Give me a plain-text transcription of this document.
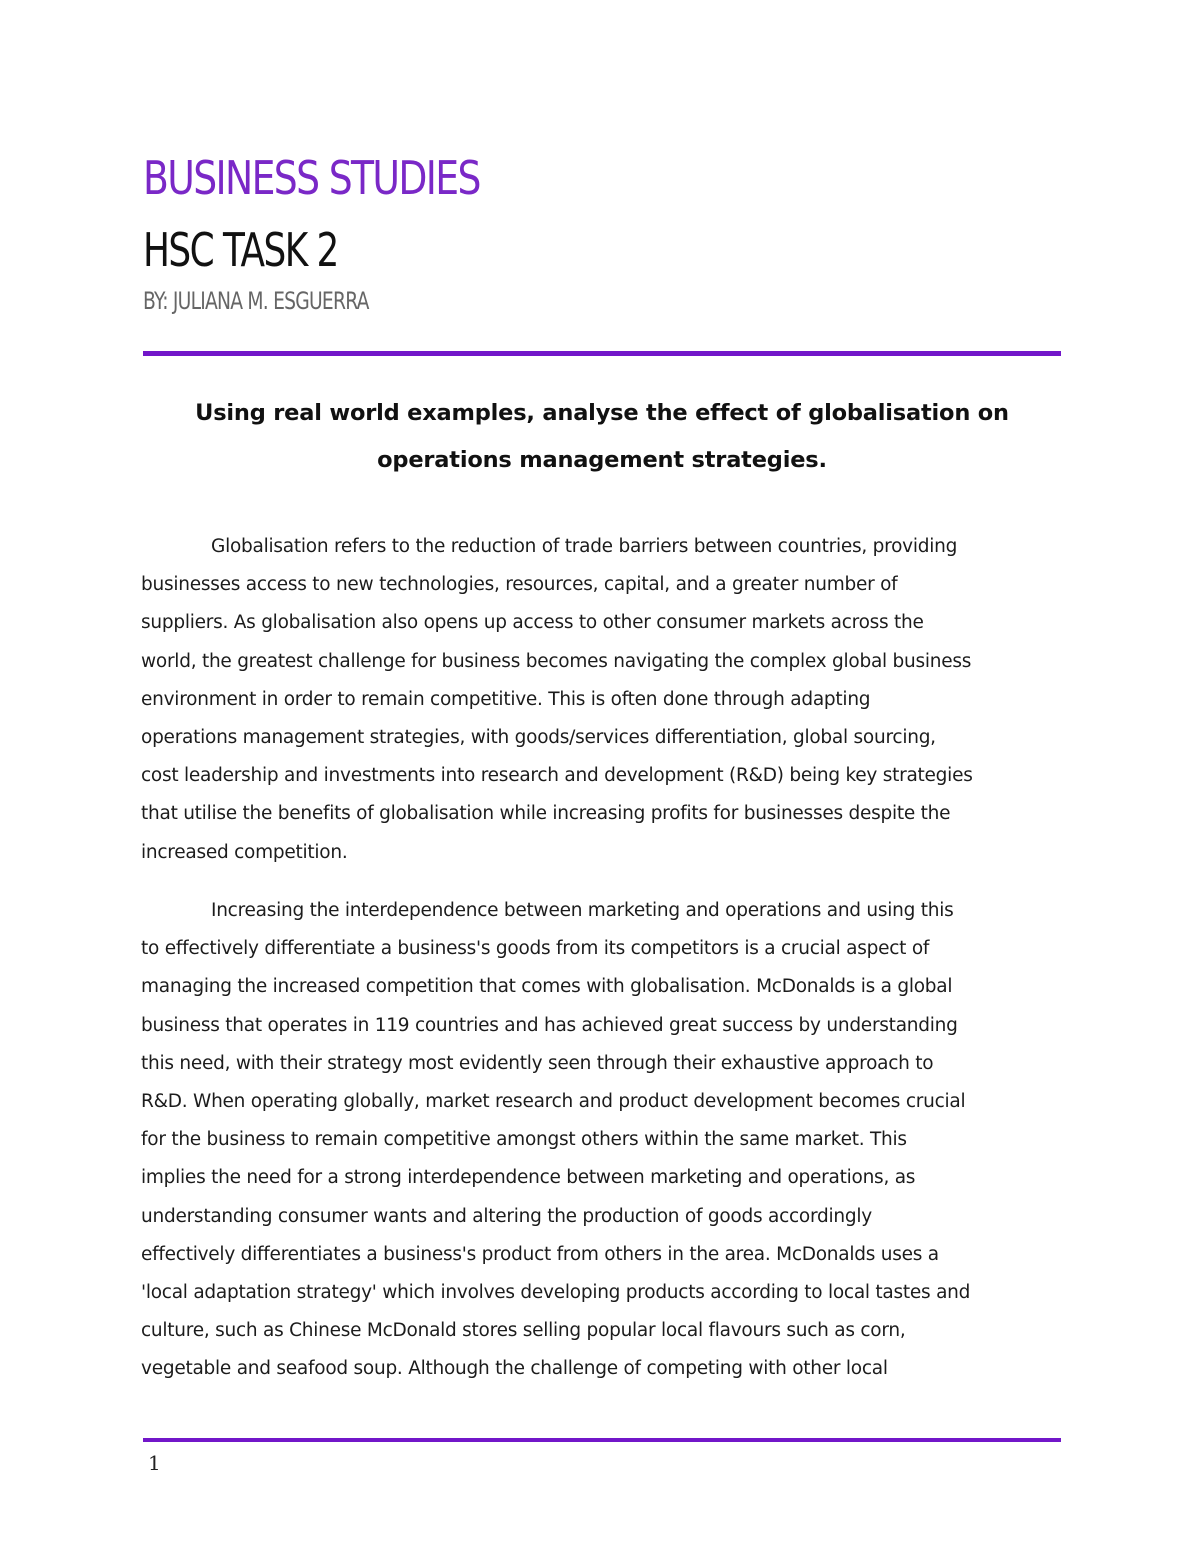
BUSINESS STUDIES
HSC TASK 2
BY: JULIANA M. ESGUERRA
Using real world examples, analyse the effect of globalisation on
operations management strategies.
Globalisation refers to the reduction of trade barriers between countries, providing
businesses access to new technologies, resources, capital, and a greater number of
suppliers. As globalisation also opens up access to other consumer markets across the
world, the greatest challenge for business becomes navigating the complex global business
environment in order to remain competitive. This is often done through adapting
operations management strategies, with goods/services differentiation, global sourcing,
cost leadership and investments into research and development (R&D) being key strategies
that utilise the benefits of globalisation while increasing profits for businesses despite the
increased competition.
Increasing the interdependence between marketing and operations and using this
to effectively differentiate a business's goods from its competitors is a crucial aspect of
managing the increased competition that comes with globalisation. McDonalds is a global
business that operates in 119 countries and has achieved great success by understanding
this need, with their strategy most evidently seen through their exhaustive approach to
R&D. When operating globally, market research and product development becomes crucial
for the business to remain competitive amongst others within the same market. This
implies the need for a strong interdependence between marketing and operations, as
understanding consumer wants and altering the production of goods accordingly
effectively differentiates a business's product from others in the area. McDonalds uses a
'local adaptation strategy' which involves developing products according to local tastes and
culture, such as Chinese McDonald stores selling popular local flavours such as corn,
vegetable and seafood soup. Although the challenge of competing with other local
1
